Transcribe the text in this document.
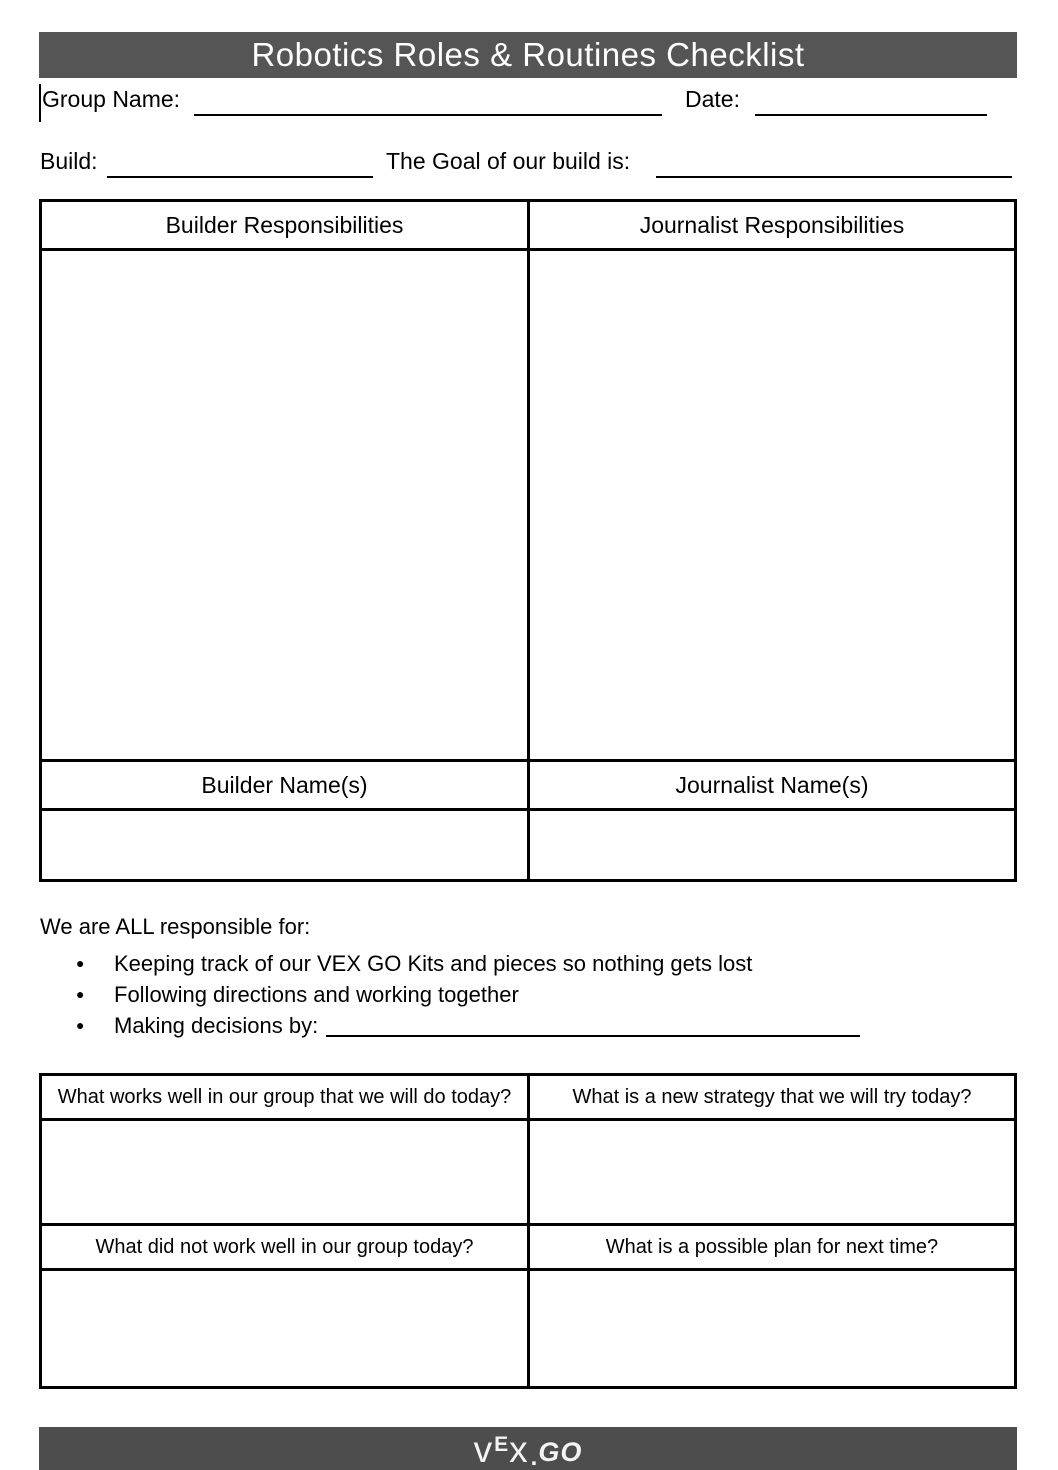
Robotics Roles & Routines Checklist
Group Name:	Date:
Build:	The Goal of our build is:
Builder Responsibilities	Journalist Responsibilities
Builder Name(s)	Journalist Name(s)
We are ALL responsible for:
● Keeping track of our VEX GO Kits and pieces so nothing gets lost
● Following directions and working together
● Making decisions by:
What works well in our group that we will do today?	What is a new strategy that we will try today?
What did not work well in our group today?	What is a possible plan for next time?
v E x . GO
